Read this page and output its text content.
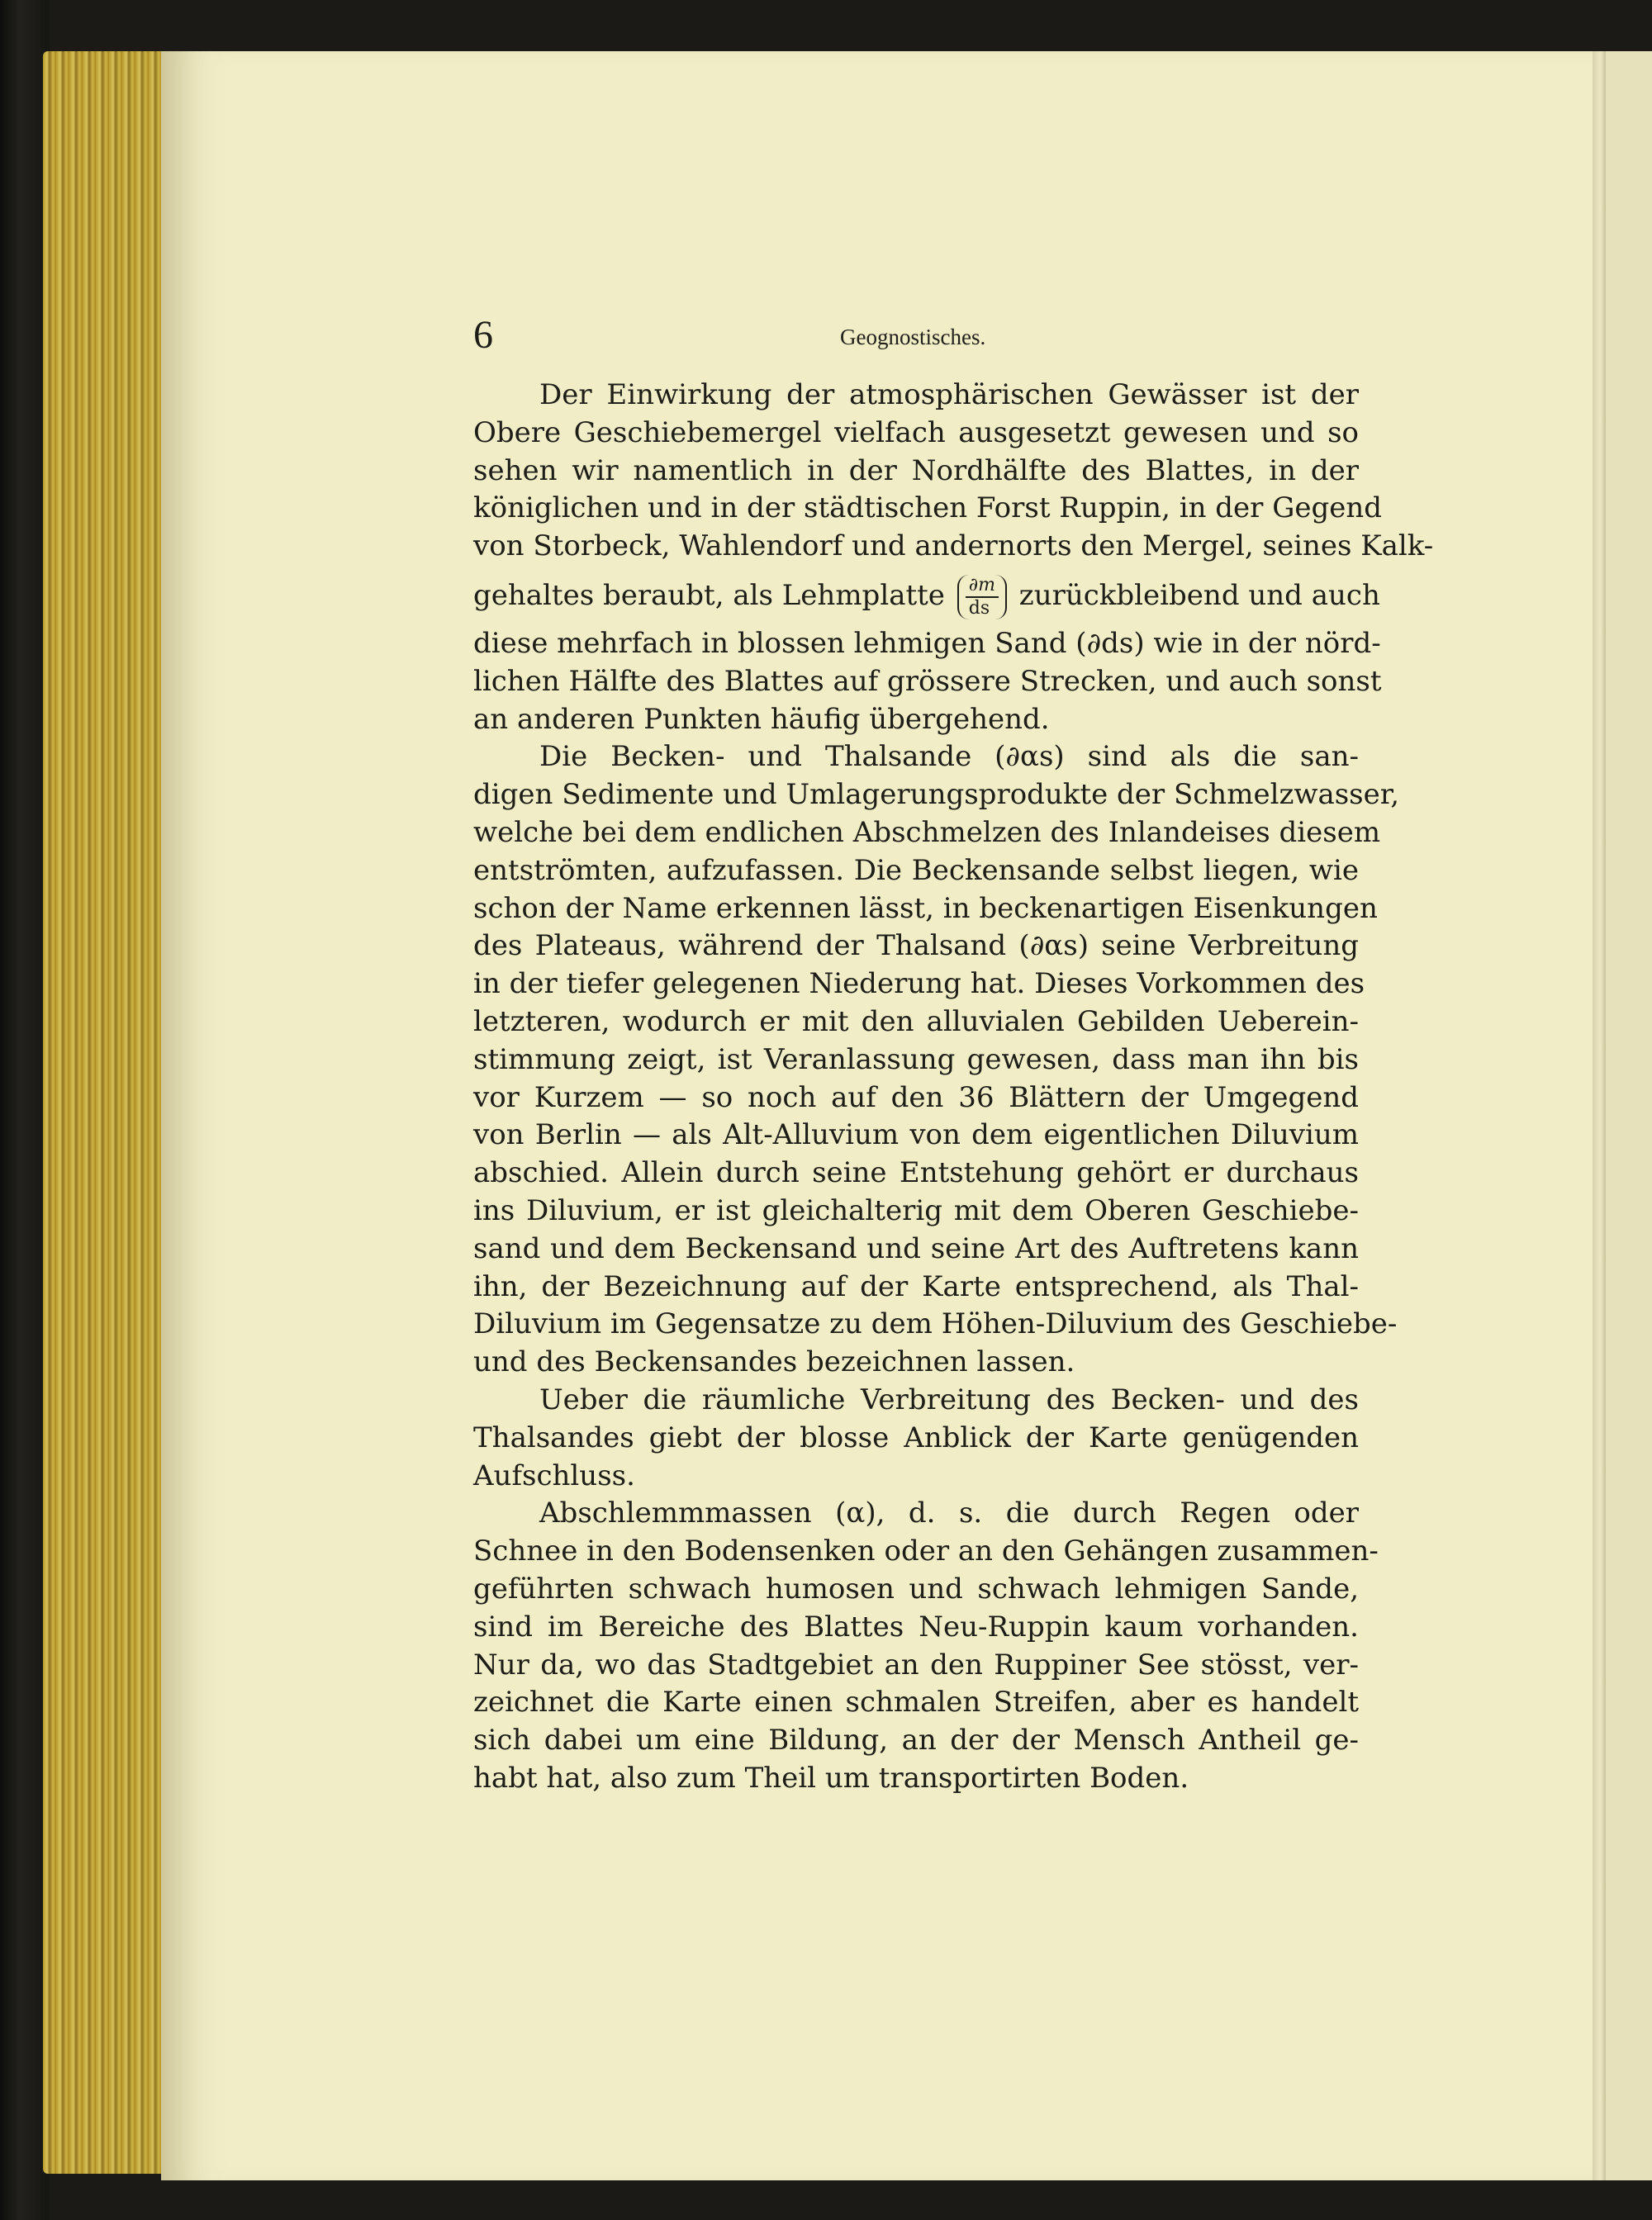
6	Geognostisches.
Der Einwirkung der atmosphärischen Gewässer ist der
Obere Geschiebemergel vielfach ausgesetzt gewesen und so
sehen wir namentlich in der Nordhälfte des Blattes, in der
königlichen und in der städtischen Forst Ruppin, in der Gegend
von Storbeck, Wahlendorf und andernorts den Mergel, seines Kalk-
gehaltes beraubt, als Lehmplatte $\frac{\partial m}{ds}$ zurückbleibend und auch
diese mehrfach in blossen lehmigen Sand (∂ds) wie in der nörd-
lichen Hälfte des Blattes auf grössere Strecken, und auch sonst
an anderen Punkten häufig übergehend.
Die Becken- und Thalsande (∂αs) sind als die san-
digen Sedimente und Umlagerungsprodukte der Schmelzwasser,
welche bei dem endlichen Abschmelzen des Inlandeises diesem
entströmten, aufzufassen. Die Beckensande selbst liegen, wie
schon der Name erkennen lässt, in beckenartigen Eisenkungen
des Plateaus, während der Thalsand (∂αs) seine Verbreitung
in der tiefer gelegenen Niederung hat. Dieses Vorkommen des
letzteren, wodurch er mit den alluvialen Gebilden Ueberein-
stimmung zeigt, ist Veranlassung gewesen, dass man ihn bis
vor Kurzem — so noch auf den 36 Blättern der Umgegend
von Berlin — als Alt-Alluvium von dem eigentlichen Diluvium
abschied. Allein durch seine Entstehung gehört er durchaus
ins Diluvium, er ist gleichalterig mit dem Oberen Geschiebe-
sand und dem Beckensand und seine Art des Auftretens kann
ihn, der Bezeichnung auf der Karte entsprechend, als Thal-
Diluvium im Gegensatze zu dem Höhen-Diluvium des Geschiebe-
und des Beckensandes bezeichnen lassen.
Ueber die räumliche Verbreitung des Becken- und des
Thalsandes giebt der blosse Anblick der Karte genügenden
Aufschluss.
Abschlemmmassen (α), d. s. die durch Regen oder
Schnee in den Bodensenken oder an den Gehängen zusammen-
geführten schwach humosen und schwach lehmigen Sande,
sind im Bereiche des Blattes Neu-Ruppin kaum vorhanden.
Nur da, wo das Stadtgebiet an den Ruppiner See stösst, ver-
zeichnet die Karte einen schmalen Streifen, aber es handelt
sich dabei um eine Bildung, an der der Mensch Antheil ge-
habt hat, also zum Theil um transportirten Boden.
